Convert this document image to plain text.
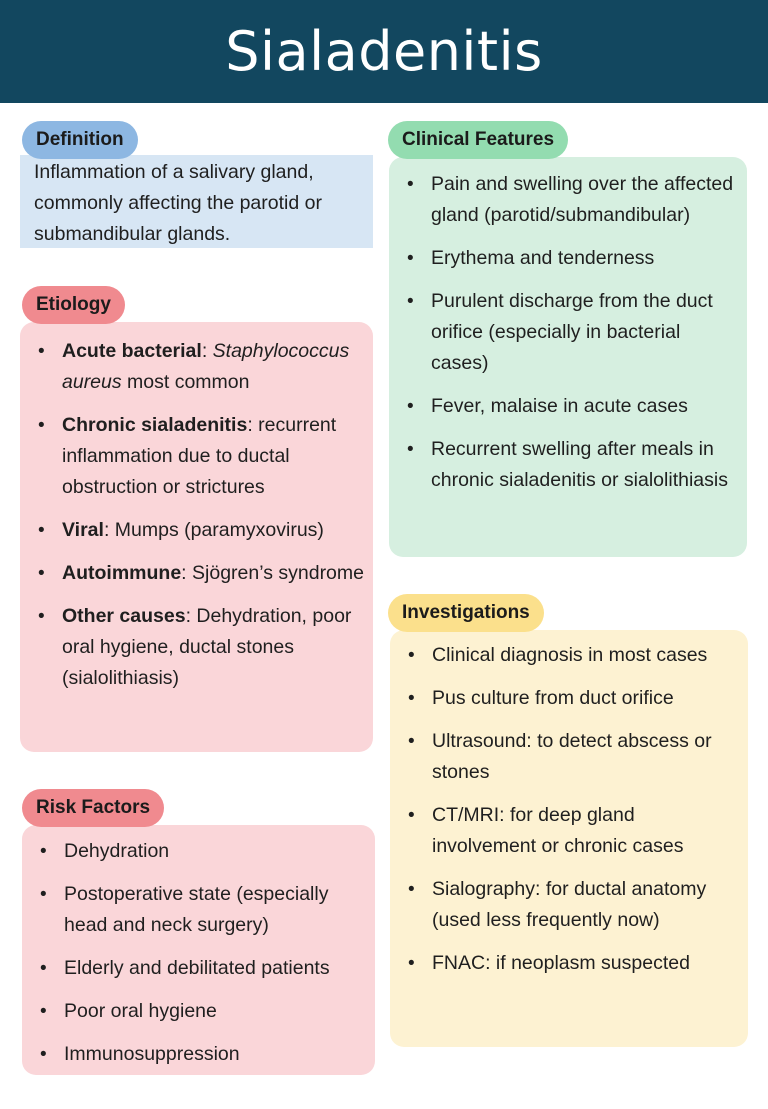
Sialadenitis
Definition

Inflammation of a salivary gland, commonly affecting the parotid or submandibular glands.

Etiology
• Acute bacterial: Staphylococcus aureus most common
• Chronic sialadenitis: recurrent inflammation due to ductal obstruction or strictures
• Viral: Mumps (paramyxovirus)
• Autoimmune: Sjögren’s syndrome
• Other causes: Dehydration, poor oral hygiene, ductal stones (sialolithiasis)
Risk Factors
• Dehydration
• Postoperative state (especially head and neck surgery)
• Elderly and debilitated patients
• Poor oral hygiene
• Immunosuppression
Clinical Features
• Pain and swelling over the affected gland (parotid/submandibular)
• Erythema and tenderness
• Purulent discharge from the duct orifice (especially in bacterial cases)
• Fever, malaise in acute cases
• Recurrent swelling after meals in chronic sialadenitis or sialolithiasis
Investigations
• Clinical diagnosis in most cases
• Pus culture from duct orifice
• Ultrasound: to detect abscess or stones
• CT/MRI: for deep gland involvement or chronic cases
• Sialography: for ductal anatomy (used less frequently now)
• FNAC: if neoplasm suspected
